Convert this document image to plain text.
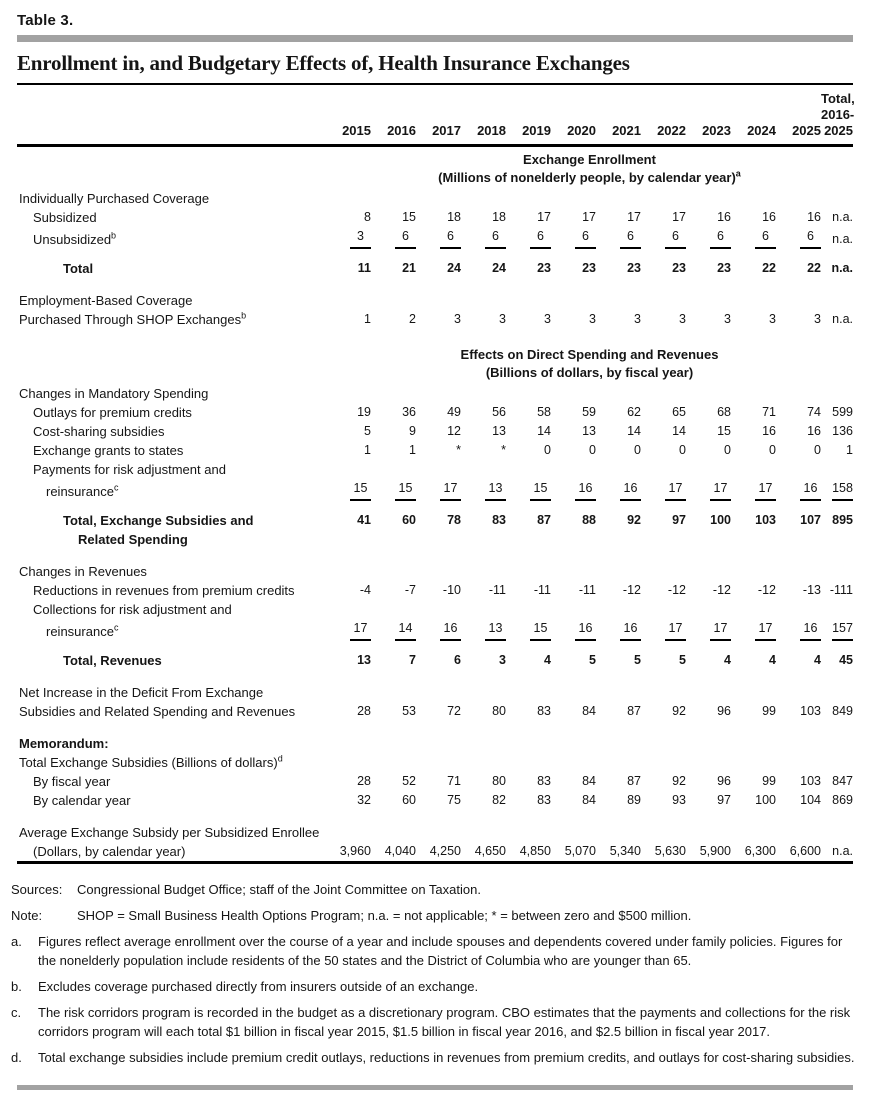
Table 3.
Enrollment in, and Budgetary Effects of, Health Insurance Exchanges
	2015	2016	2017	2018	2019	2020	2021	2022	2023	2024	2025	Total,
2016-
2025

	Exchange Enrollment
(Millions of nonelderly people, by calendar year)$^a$

Individually Purchased Coverage												
Subsidized	8	15	18	18	17	17	17	17	16	16	16	n.a.
Unsubsidized$^b$	3	6	6	6	6	6	6	6	6	6	6	n.a.
Total	11	21	24	24	23	23	23	23	23	22	22	n.a.

Employment-Based Coverage												
Purchased Through SHOP Exchanges$^b$	1	2	3	3	3	3	3	3	3	3	3	n.a.

	Effects on Direct Spending and Revenues
(Billions of dollars, by fiscal year)											

Changes in Mandatory Spending												
Outlays for premium credits	19	36	49	56	58	59	62	65	68	71	74	599
Cost-sharing subsidies	5	9	12	13	14	13	14	14	15	16	16	136
Exchange grants to states	1	1	*	*	0	0	0	0	0	0	0	1
Payments for risk adjustment and												
reinsurance$^c$	15	15	17	13	15	16	16	17	17	17	16	158
Total, Exchange Subsidies and
Related Spending	41	60	78	83	87	88	92	97	100	103	107	895

Changes in Revenues												
Reductions in revenues from premium credits	-4	-7	-10	-11	-11	-11	-12	-12	-12	-12	-13	-111
Collections for risk adjustment and												
reinsurance$^c$	17	14	16	13	15	16	16	17	17	17	16	157
Total, Revenues	13	7	6	3	4	5	5	5	4	4	4	45

Net Increase in the Deficit From Exchange												
Subsidies and Related Spending and Revenues	28	53	72	80	83	84	87	92	96	99	103	849

Memorandum:												
Total Exchange Subsidies (Billions of dollars)$^d$
By fiscal year	28	52	71	80	83	84	87	92	96	99	103	847
By calendar year	32	60	75	82	83	84	89	93	97	100	104	869

Average Exchange Subsidy per Subsidized Enrollee												
(Dollars, by calendar year)	3,960	4,040	4,250	4,650	4,850	5,070	5,340	5,630	5,900	6,300	6,600	n.a.
Sources:	Congressional Budget Office; staff of the Joint Committee on Taxation.
Note:	SHOP = Small Business Health Options Program; n.a. = not applicable; * = between zero and $500 million.
a.	Figures reflect average enrollment over the course of a year and include spouses and dependents covered under family policies. Figures for the nonelderly population include residents of the 50 states and the District of Columbia who are younger than 65.
b.	Excludes coverage purchased directly from insurers outside of an exchange.
c.	The risk corridors program is recorded in the budget as a discretionary program. CBO estimates that the payments and collections for the risk corridors program will each total $1 billion in fiscal year 2015, $1.5 billion in fiscal year 2016, and $2.5 billion in fiscal year 2017.
d.	Total exchange subsidies include premium credit outlays, reductions in revenues from premium credits, and outlays for cost-sharing subsidies.
